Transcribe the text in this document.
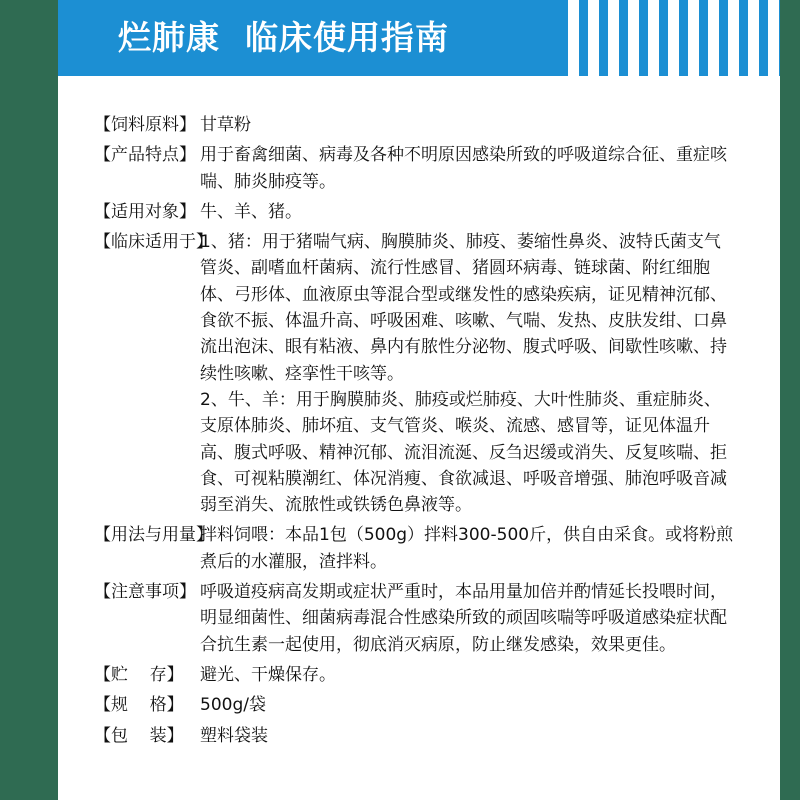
烂肺康  临床使用指南
【饲料原料】 甘草粉
【产品特点】 用于畜禽细菌、病毒及各种不明原因感染所致的呼吸道综合征、重症咳喘、肺炎肺疫等。
【适用对象】 牛、羊、猪。
【临床适用于】
1、猪：用于猪喘气病、胸膜肺炎、肺疫、萎缩性鼻炎、波特氏菌支气管炎、副嗜血杆菌病、流行性感冒、猪圆环病毒、链球菌、附红细胞体、弓形体、血液原虫等混合型或继发性的感染疾病，证见精神沉郁、食欲不振、体温升高、呼吸困难、咳嗽、气喘、发热、皮肤发绀、口鼻流出泡沫、眼有粘液、鼻内有脓性分泌物、腹式呼吸、间歇性咳嗽、持续性咳嗽、痉挛性干咳等。
2、牛、羊：用于胸膜肺炎、肺疫或烂肺疫、大叶性肺炎、重症肺炎、支原体肺炎、肺坏疽、支气管炎、喉炎、流感、感冒等，证见体温升高、腹式呼吸、精神沉郁、流泪流涎、反刍迟缓或消失、反复咳喘、拒食、可视粘膜潮红、体况消瘦、食欲减退、呼吸音增强、肺泡呼吸音减弱至消失、流脓性或铁锈色鼻液等。
【用法与用量】
拌料饲喂：本品1包（500g）拌料300-500斤，供自由采食。或将粉煎煮后的水灌服，渣拌料。
【注意事项】 呼吸道疫病高发期或症状严重时，本品用量加倍并酌情延长投喂时间，明显细菌性、细菌病毒混合性感染所致的顽固咳喘等呼吸道感染症状配合抗生素一起使用，彻底消灭病原，防止继发感染，效果更佳。
【贮    存】 避光、干燥保存。
【规    格】 500g/袋
【包    装】 塑料袋装
